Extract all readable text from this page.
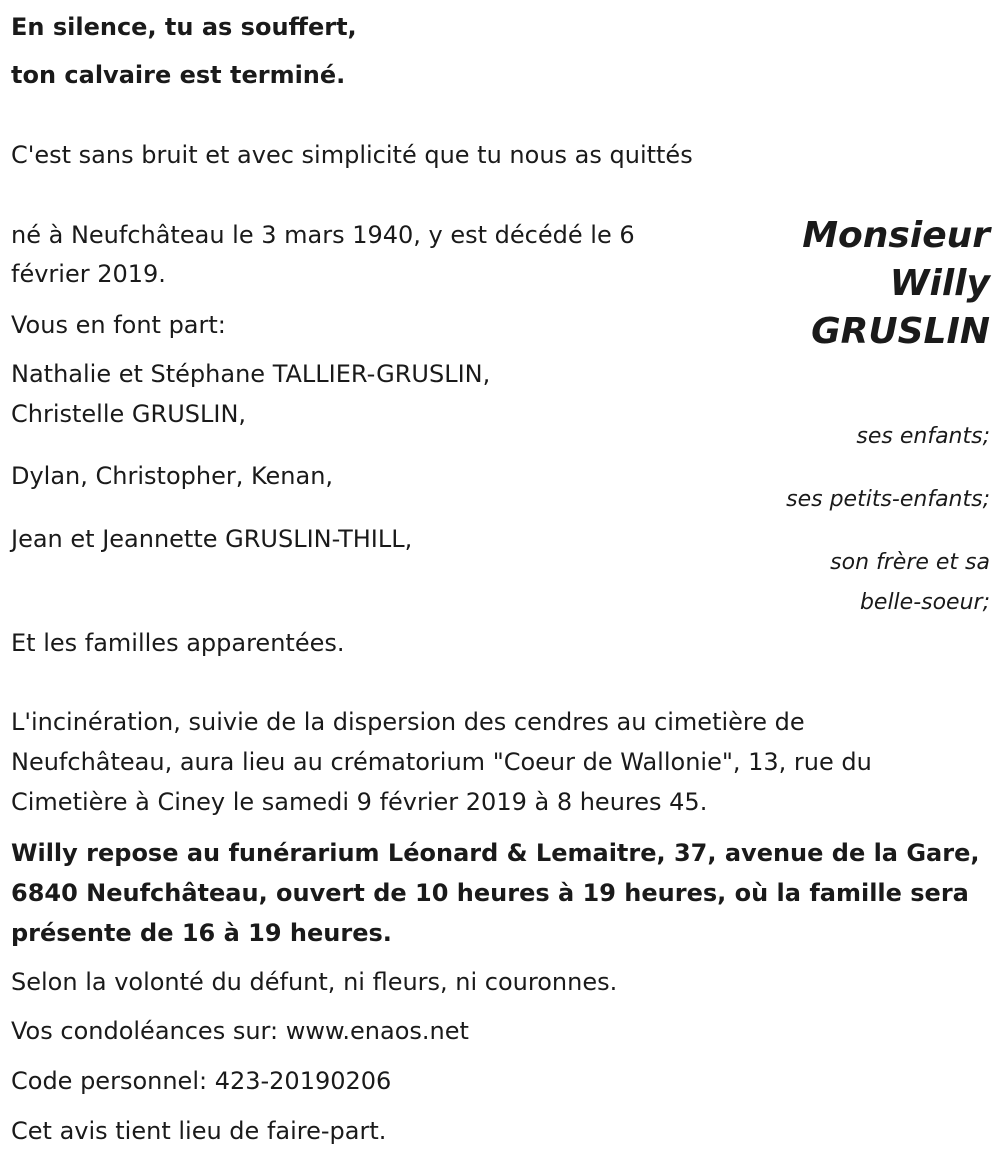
En silence, tu as souffert,
ton calvaire est terminé.
C'est sans bruit et avec simplicité que tu nous as quittés
Monsieur
Willy
GRUSLIN
né à Neufchâteau le 3 mars 1940, y est décédé le 6
février 2019.
Vous en font part:
Nathalie et Stéphane TALLIER-GRUSLIN,
Christelle GRUSLIN,
ses enfants;
Dylan, Christopher, Kenan,
ses petits-enfants;
Jean et Jeannette GRUSLIN-THILL,
son frère et sa
belle-soeur;
Et les familles apparentées.
L'incinération, suivie de la dispersion des cendres au cimetière de
Neufchâteau, aura lieu au crématorium "Coeur de Wallonie", 13, rue du
Cimetière à Ciney le samedi 9 février 2019 à 8 heures 45.
Willy repose au funérarium Léonard & Lemaitre, 37, avenue de la Gare,
6840 Neufchâteau, ouvert de 10 heures à 19 heures, où la famille sera
présente de 16 à 19 heures.
Selon la volonté du défunt, ni fleurs, ni couronnes.
Vos condoléances sur: www.enaos.net
Code personnel: 423-20190206
Cet avis tient lieu de faire-part.
